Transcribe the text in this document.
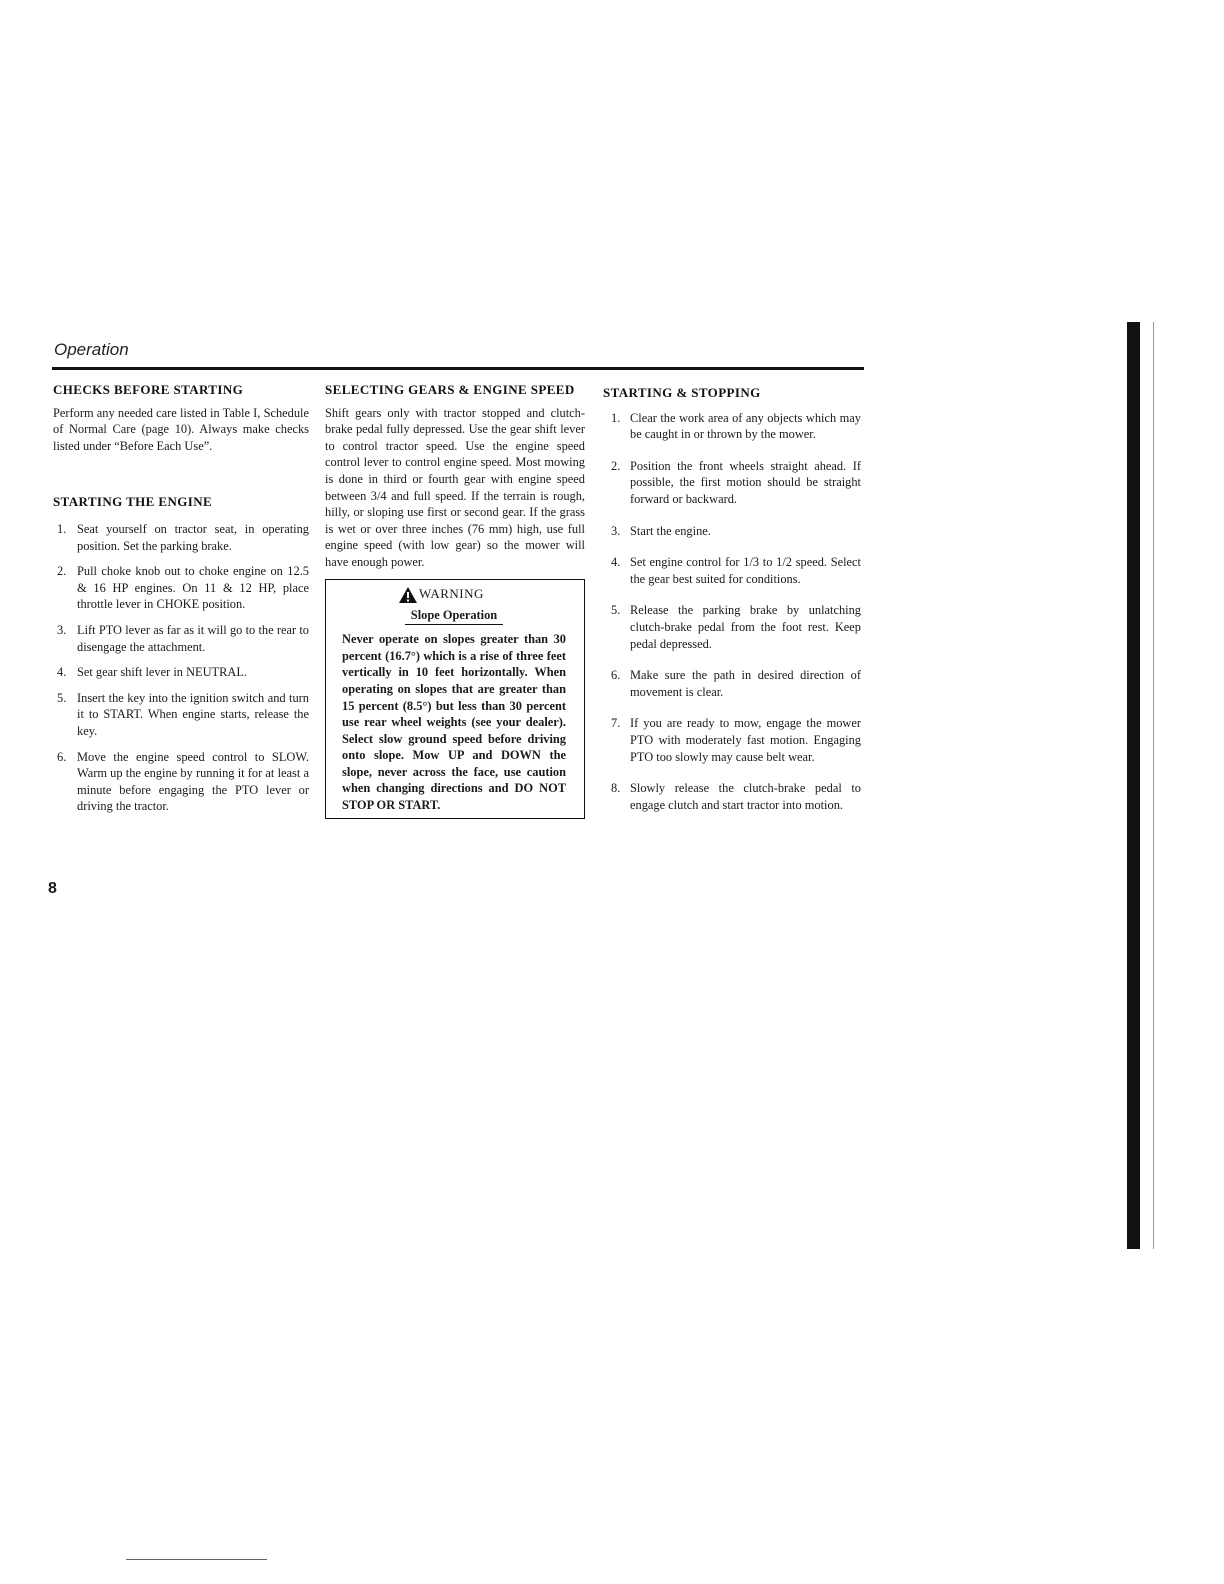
Operation
CHECKS BEFORE STARTING

Perform any needed care listed in Table I, Schedule of Normal Care (page 10). Always make checks listed under “Before Each Use”.

STARTING THE ENGINE
1. Seat yourself on tractor seat, in operating position. Set the parking brake.
2. Pull choke knob out to choke engine on 12.5 & 16 HP engines. On 11 & 12 HP, place throttle lever in CHOKE position.
3. Lift PTO lever as far as it will go to the rear to disengage the attachment.
4. Set gear shift lever in NEUTRAL.
5. Insert the key into the ignition switch and turn it to START. When engine starts, release the key.
6. Move the engine speed control to SLOW. Warm up the engine by running it for at least a minute before engaging the PTO lever or driving the tractor.
SELECTING GEARS & ENGINE SPEED

Shift gears only with tractor stopped and clutch-brake pedal fully depressed. Use the gear shift lever to control tractor speed. Use the engine speed control lever to control engine speed. Most mowing is done in third or fourth gear with engine speed between 3/4 and full speed. If the terrain is rough, hilly, or sloping use first or second gear. If the grass is wet or over three inches (76 mm) high, use full engine speed (with low gear) so the mower will have enough power.

WARNING
Slope Operation

Never operate on slopes greater than 30 percent (16.7°) which is a rise of three feet vertically in 10 feet horizontally. When operating on slopes that are greater than 15 percent (8.5°) but less than 30 percent use rear wheel weights (see your dealer). Select slow ground speed before driving onto slope. Mow UP and DOWN the slope, never across the face, use caution when changing directions and DO NOT STOP OR START.

STARTING & STOPPING
1. Clear the work area of any objects which may be caught in or thrown by the mower.
2. Position the front wheels straight ahead. If possible, the first motion should be straight forward or backward.
3. Start the engine.
4. Set engine control for 1/3 to 1/2 speed. Select the gear best suited for conditions.
5. Release the parking brake by unlatching clutch-brake pedal from the foot rest. Keep pedal depressed.
6. Make sure the path in desired direction of movement is clear.
7. If you are ready to mow, engage the mower PTO with moderately fast motion. Engaging PTO too slowly may cause belt wear.
8. Slowly release the clutch-brake pedal to engage clutch and start tractor into motion.
8
